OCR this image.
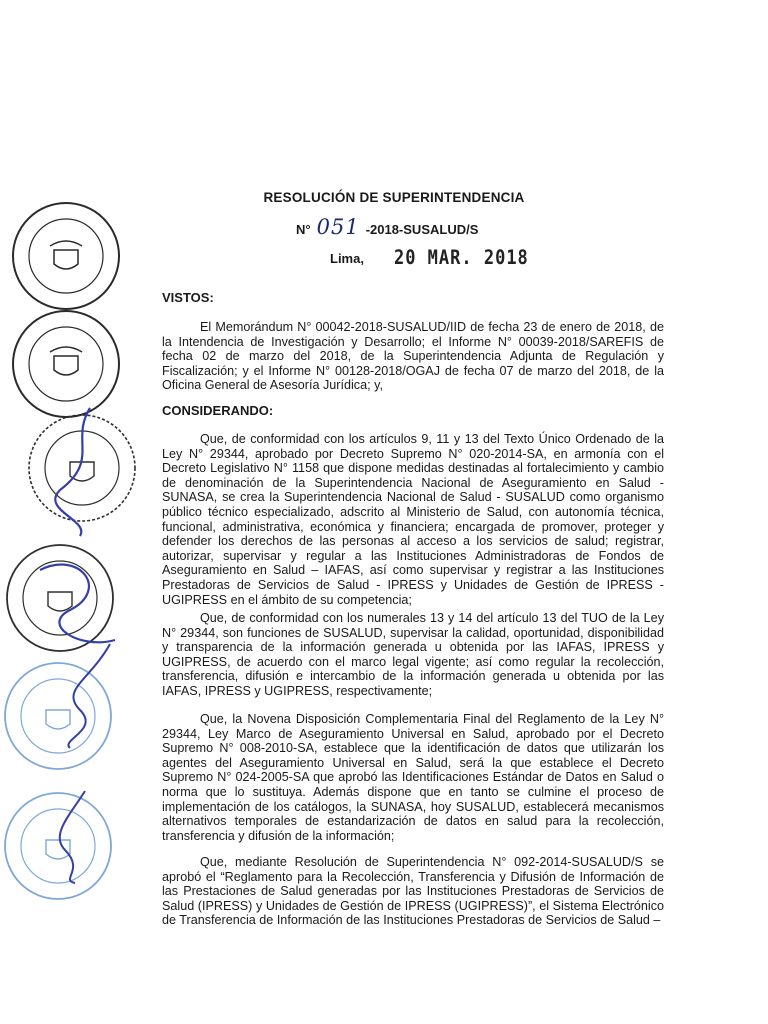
RESOLUCIÓN DE SUPERINTENDENCIA
N° 051 -2018-SUSALUD/S
Lima, 20 MAR. 2018
VISTOS:

El Memorándum N° 00042-2018-SUSALUD/IID de fecha 23 de enero de 2018, de la Intendencia de Investigación y Desarrollo; el Informe N° 00039-2018/SAREFIS de fecha 02 de marzo del 2018, de la Superintendencia Adjunta de Regulación y Fiscalización; y el Informe N° 00128-2018/OGAJ de fecha 07 de marzo del 2018, de la Oficina General de Asesoría Jurídica; y,

CONSIDERANDO:

Que, de conformidad con los artículos 9, 11 y 13 del Texto Único Ordenado de la Ley N° 29344, aprobado por Decreto Supremo N° 020-2014-SA, en armonía con el Decreto Legislativo N° 1158 que dispone medidas destinadas al fortalecimiento y cambio de denominación de la Superintendencia Nacional de Aseguramiento en Salud - SUNASA, se crea la Superintendencia Nacional de Salud - SUSALUD como organismo público técnico especializado, adscrito al Ministerio de Salud, con autonomía técnica, funcional, administrativa, económica y financiera; encargada de promover, proteger y defender los derechos de las personas al acceso a los servicios de salud; registrar, autorizar, supervisar y regular a las Instituciones Administradoras de Fondos de Aseguramiento en Salud – IAFAS, así como supervisar y registrar a las Instituciones Prestadoras de Servicios de Salud - IPRESS y Unidades de Gestión de IPRESS - UGIPRESS en el ámbito de su competencia;

Que, de conformidad con los numerales 13 y 14 del artículo 13 del TUO de la Ley N° 29344, son funciones de SUSALUD, supervisar la calidad, oportunidad, disponibilidad y transparencia de la información generada u obtenida por las IAFAS, IPRESS y UGIPRESS, de acuerdo con el marco legal vigente; así como regular la recolección, transferencia, difusión e intercambio de la información generada u obtenida por las IAFAS, IPRESS y UGIPRESS, respectivamente;

Que, la Novena Disposición Complementaria Final del Reglamento de la Ley N° 29344, Ley Marco de Aseguramiento Universal en Salud, aprobado por el Decreto Supremo N° 008-2010-SA, establece que la identificación de datos que utilizarán los agentes del Aseguramiento Universal en Salud, será la que establece el Decreto Supremo N° 024-2005-SA que aprobó las Identificaciones Estándar de Datos en Salud o norma que lo sustituya. Además dispone que en tanto se culmine el proceso de implementación de los catálogos, la SUNASA, hoy SUSALUD, establecerá mecanismos alternativos temporales de estandarización de datos en salud para la recolección, transferencia y difusión de la información;

Que, mediante Resolución de Superintendencia N° 092-2014-SUSALUD/S se aprobó el “Reglamento para la Recolección, Transferencia y Difusión de Información de las Prestaciones de Salud generadas por las Instituciones Prestadoras de Servicios de Salud (IPRESS) y Unidades de Gestión de IPRESS (UGIPRESS)”, el Sistema Electrónico de Transferencia de Información de las Instituciones Prestadoras de Servicios de Salud –
